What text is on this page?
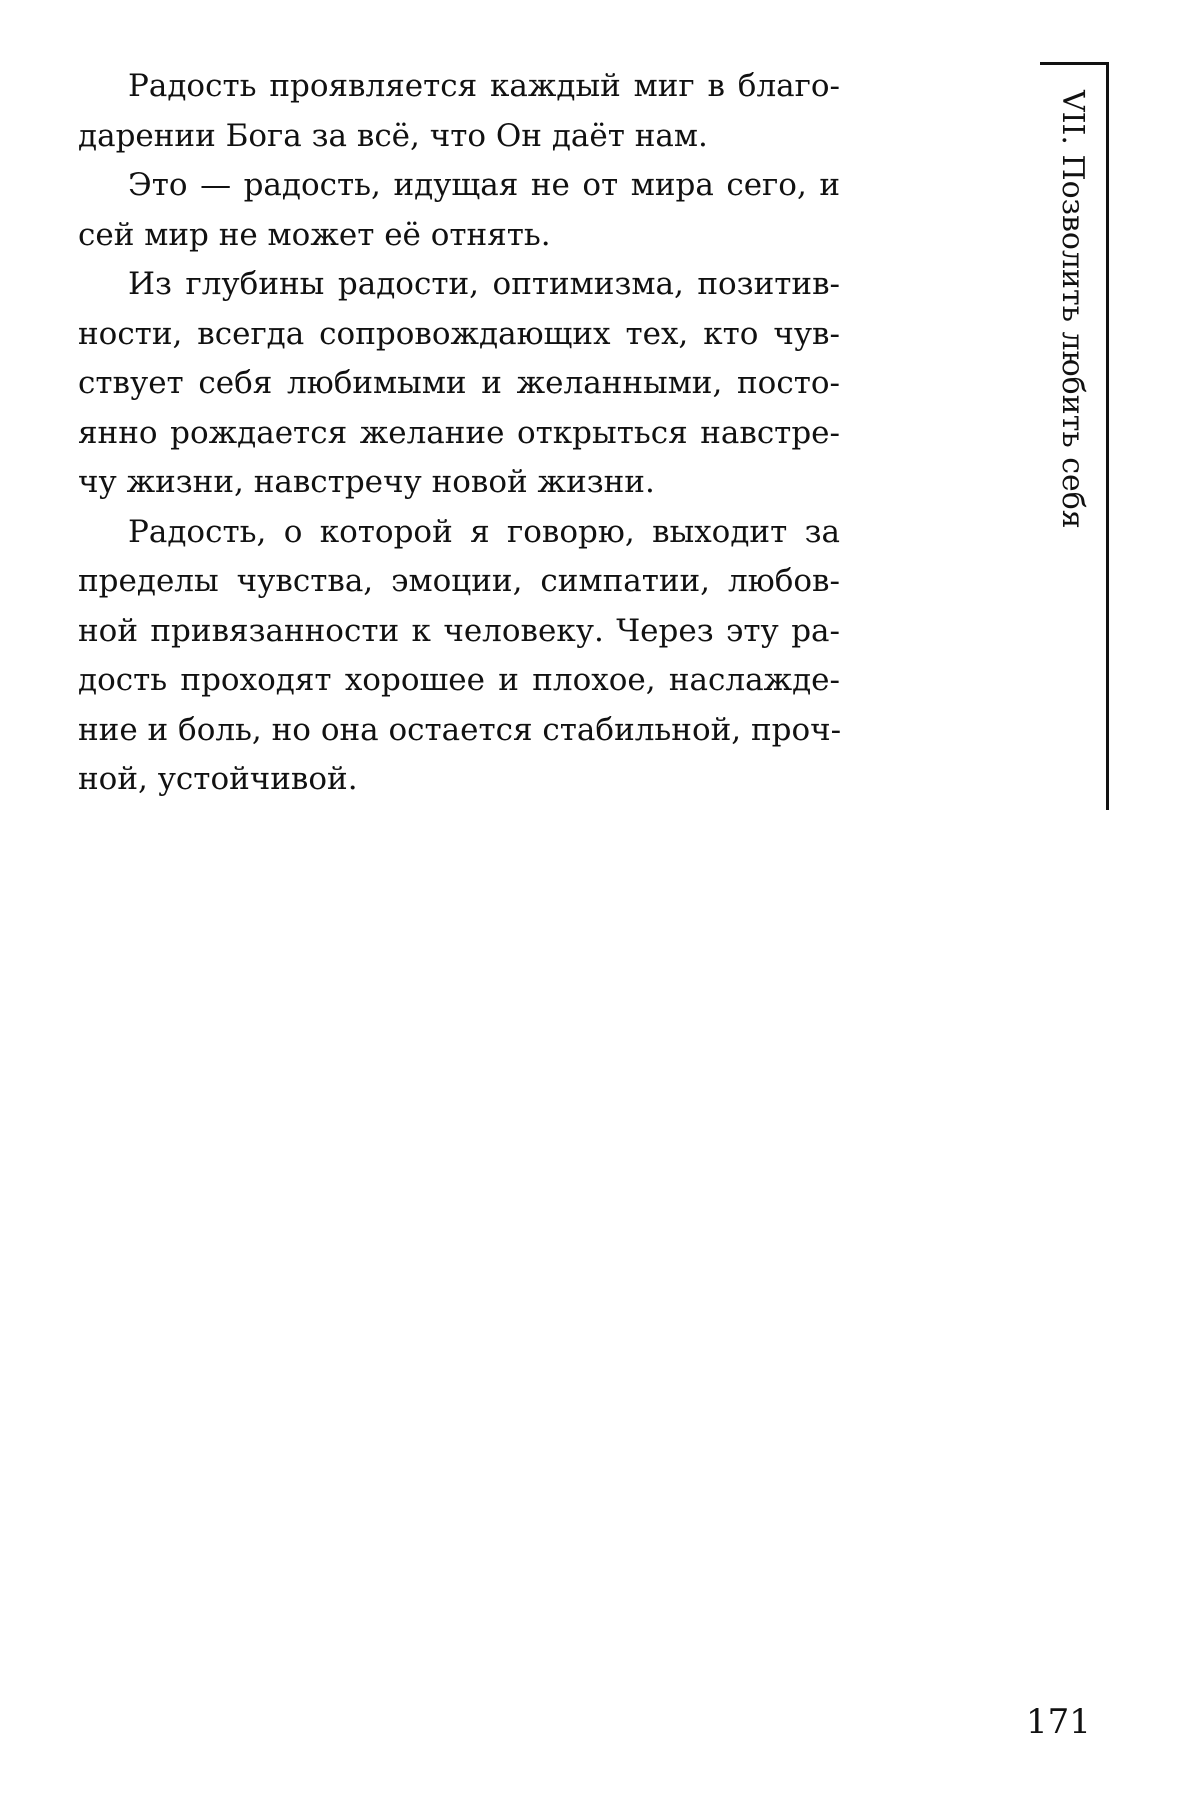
Радость проявляется каждый миг в благо-
дарении Бога за всё, что Он даёт нам.

Это — радость, идущая не от мира сего, и
сей мир не может её отнять.

Из глубины радости, оптимизма, позитив-
ности, всегда сопровождающих тех, кто чув-
ствует себя любимыми и желанными, посто-
янно рождается желание открыться навстре-
чу жизни, навстречу новой жизни.

Радость, о которой я говорю, выходит за
пределы чувства, эмоции, симпатии, любов-
ной привязанности к человеку. Через эту ра-
дость проходят хорошее и плохое, наслажде-
ние и боль, но она остается стабильной, проч-
ной, устойчивой.

VII. Позволить любить себя
171
